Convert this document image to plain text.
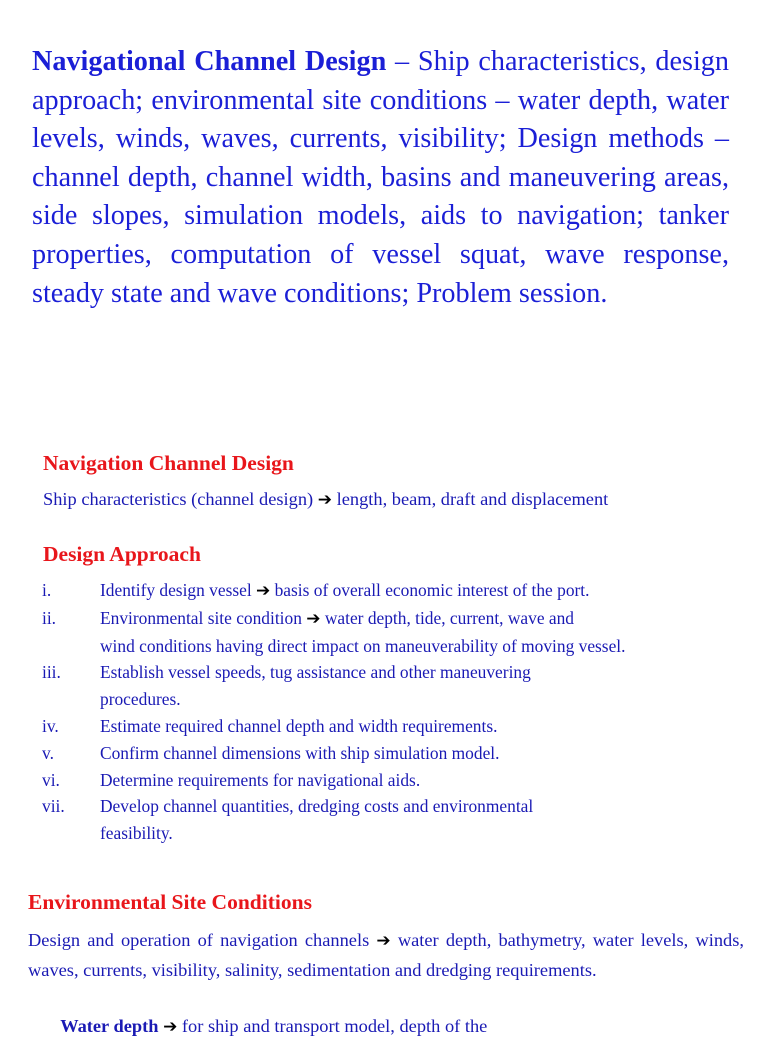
Navigational Channel Design – Ship characteristics, design approach; environmental site conditions – water depth, water levels, winds, waves, currents, visibility; Design methods – channel depth, channel width, basins and maneuvering areas, side slopes, simulation models, aids to navigation; tanker properties, computation of vessel squat, wave response, steady state and wave conditions; Problem session.

Navigation Channel Design

Ship characteristics (channel design) ➔ length, beam, draft and displacement

Design Approach
i.	Identify design vessel ➔ basis of overall economic interest of the port.
ii.	Environmental site condition ➔ water depth, tide, current, wave and
wind conditions having direct impact on maneuverability of moving vessel.
iii.	Establish vessel speeds, tug assistance and other maneuvering
procedures.
iv.	Estimate required channel depth and width requirements.
v.	Confirm channel dimensions with ship simulation model.
vi.	Determine requirements for navigational aids.
vii.	Develop channel quantities, dredging costs and environmental
feasibility.
Environmental Site Conditions

Design and operation of navigation channels ➔ water depth, bathymetry, water levels, winds, waves, currents, visibility, salinity, sedimentation and dredging requirements.

Water depth ➔ for ship and transport model, depth of the
